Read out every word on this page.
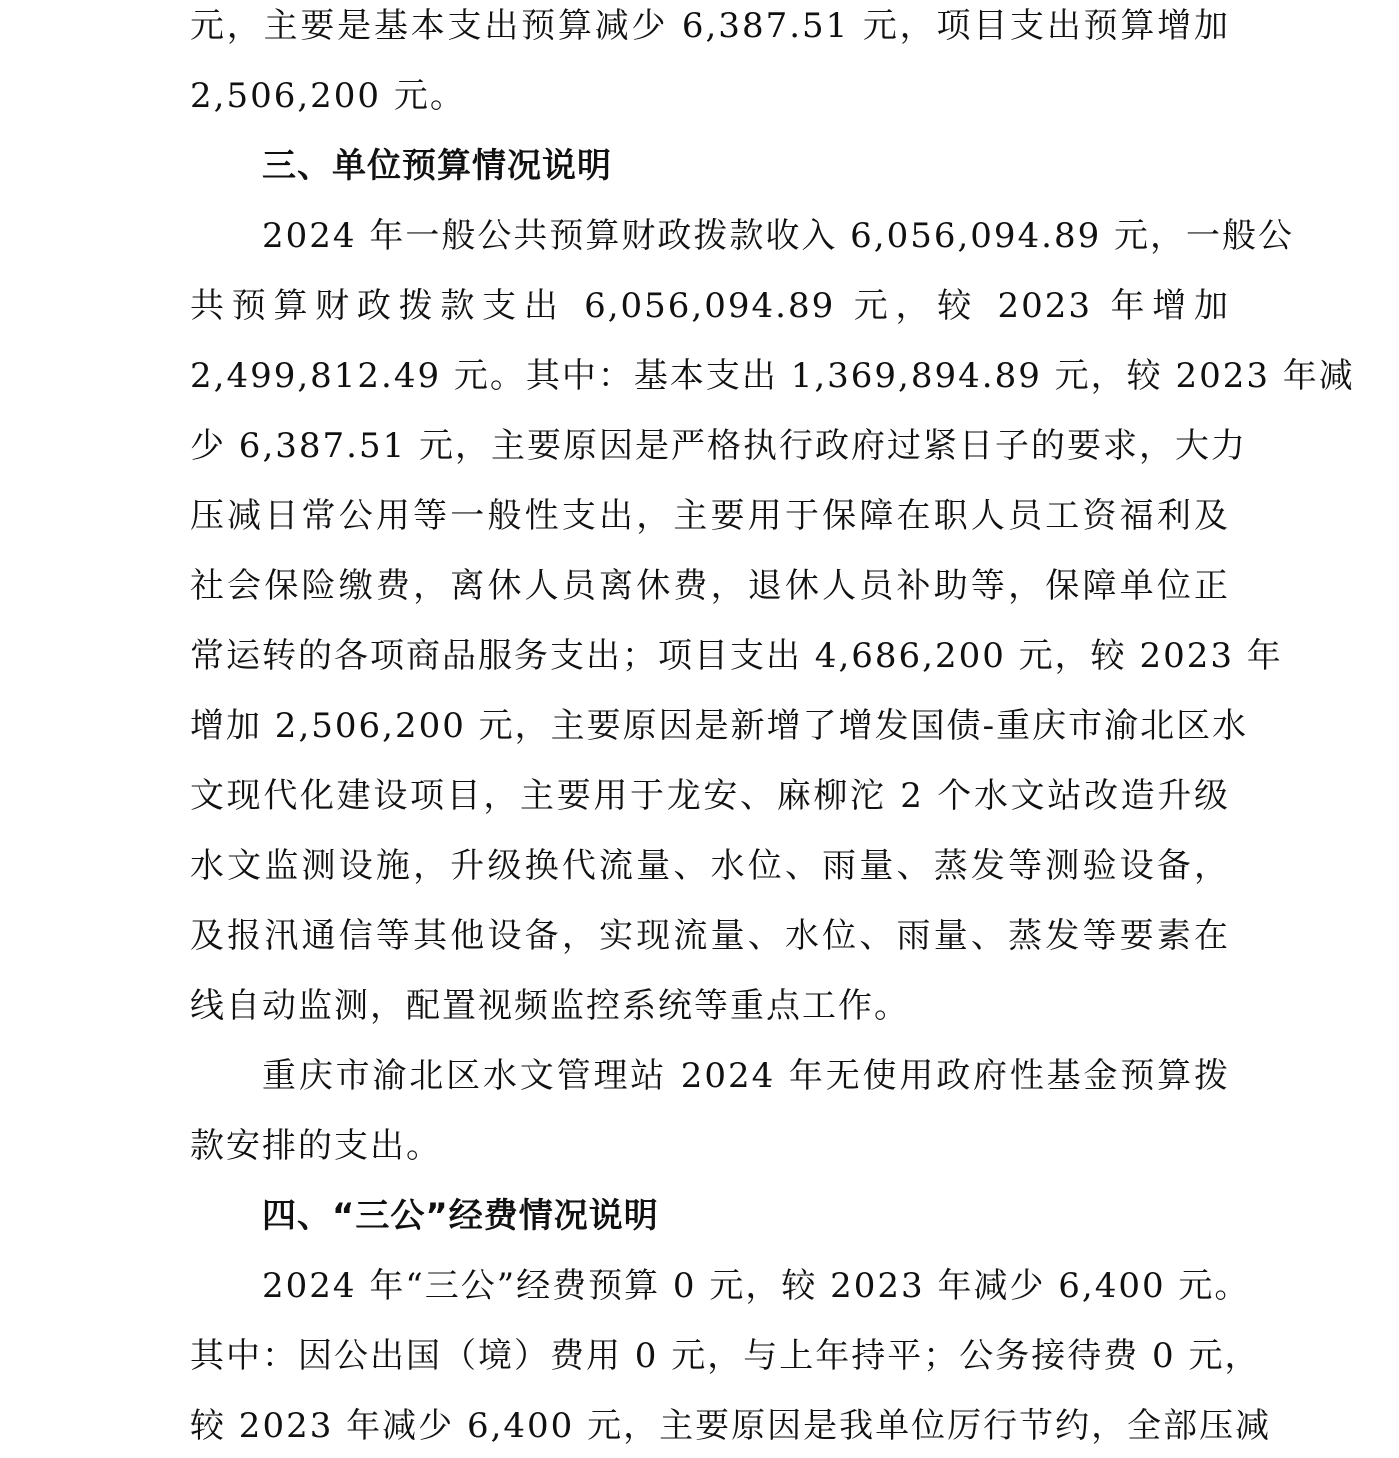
元，主要是基本支出预算减少 6,387.51 元，项目支出预算增加
2,506,200 元。
三、单位预算情况说明
2024 年一般公共预算财政拨款收入 6,056,094.89 元，一般公
共预算财政拨款支出 6,056,094.89 元，较 2023 年增加
2,499,812.49 元。其中：基本支出 1,369,894.89 元，较 2023 年减
少 6,387.51 元，主要原因是严格执行政府过紧日子的要求，大力
压减日常公用等一般性支出，主要用于保障在职人员工资福利及
社会保险缴费，离休人员离休费，退休人员补助等，保障单位正
常运转的各项商品服务支出；项目支出 4,686,200 元，较 2023 年
增加 2,506,200 元，主要原因是新增了增发国债-重庆市渝北区水
文现代化建设项目，主要用于龙安、麻柳沱 2 个水文站改造升级
水文监测设施，升级换代流量、水位、雨量、蒸发等测验设备，
及报汛通信等其他设备，实现流量、水位、雨量、蒸发等要素在
线自动监测，配置视频监控系统等重点工作。
重庆市渝北区水文管理站 2024 年无使用政府性基金预算拨
款安排的支出。
四、“三公”经费情况说明
2024 年“三公”经费预算 0 元，较 2023 年减少 6,400 元。
其中：因公出国（境）费用 0 元，与上年持平；公务接待费 0 元，
较 2023 年减少 6,400 元，主要原因是我单位厉行节约，全部压减
